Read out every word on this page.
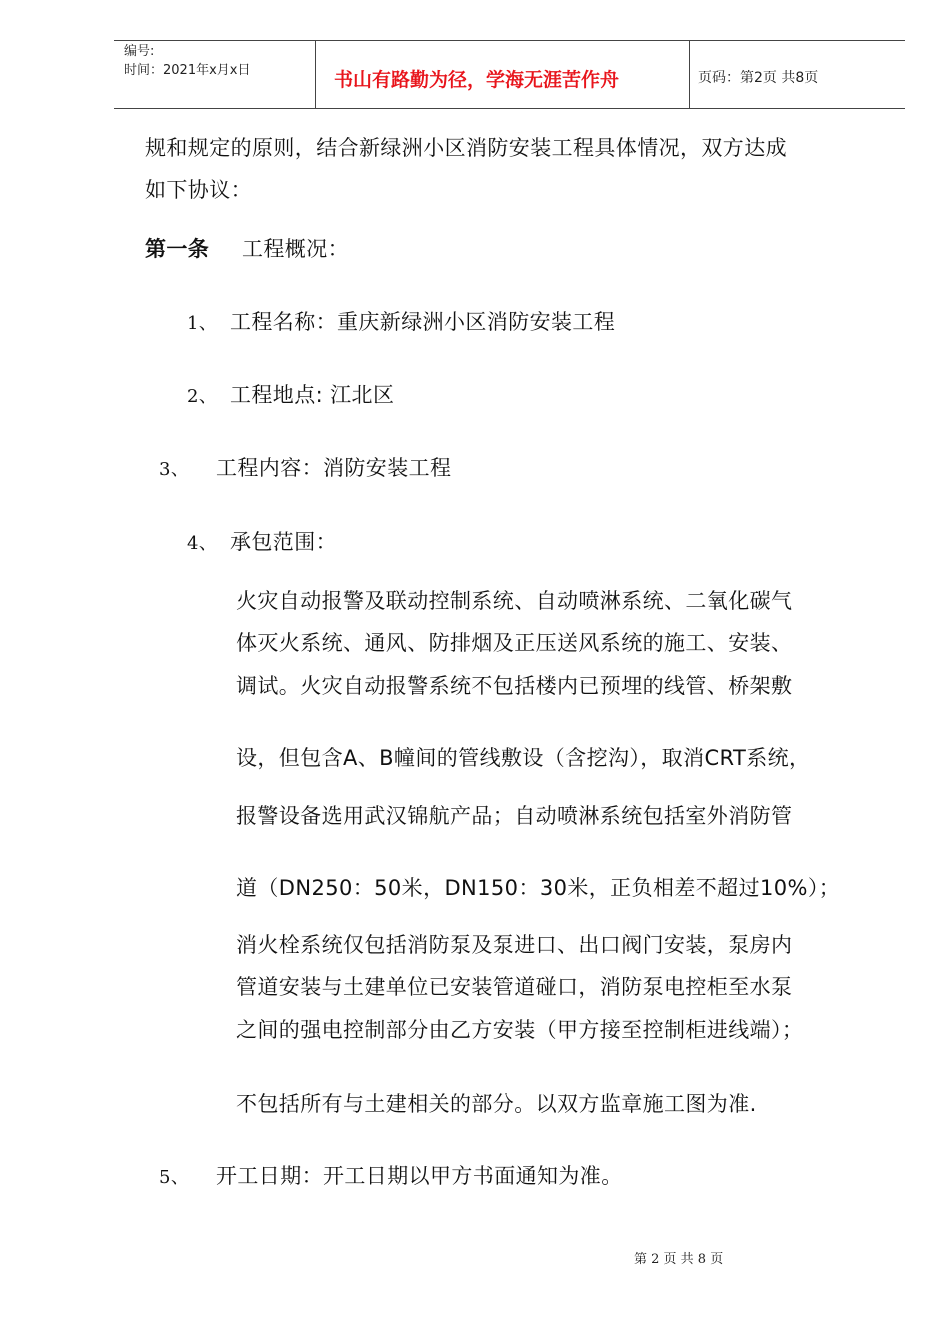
编号:
时间：2021年x月x日	书山有路勤为径，学海无涯苦作舟	页码：第2页 共8页
规和规定的原则，结合新绿洲小区消防安装工程具体情况，双方达成
如下协议：
第一条 工程概况：
1、 工程名称：重庆新绿洲小区消防安装工程
2、 工程地点: 江北区
3、 工程内容：消防安装工程
4、 承包范围：
火灾自动报警及联动控制系统、自动喷淋系统、二氧化碳气
体灭火系统、通风、防排烟及正压送风系统的施工、安装、
调试。火灾自动报警系统不包括楼内已预埋的线管、桥架敷
设，但包含A、B幢间的管线敷设（含挖沟），取消CRT系统，
报警设备选用武汉锦航产品；自动喷淋系统包括室外消防管
道（DN250：50米，DN150：30米，正负相差不超过10%）；
消火栓系统仅包括消防泵及泵进口、出口阀门安装，泵房内
管道安装与土建单位已安装管道碰口，消防泵电控柜至水泵
之间的强电控制部分由乙方安装（甲方接至控制柜进线端）；
不包括所有与土建相关的部分。以双方监章施工图为准.
5、 开工日期：开工日期以甲方书面通知为准。
第 2 页 共 8 页
